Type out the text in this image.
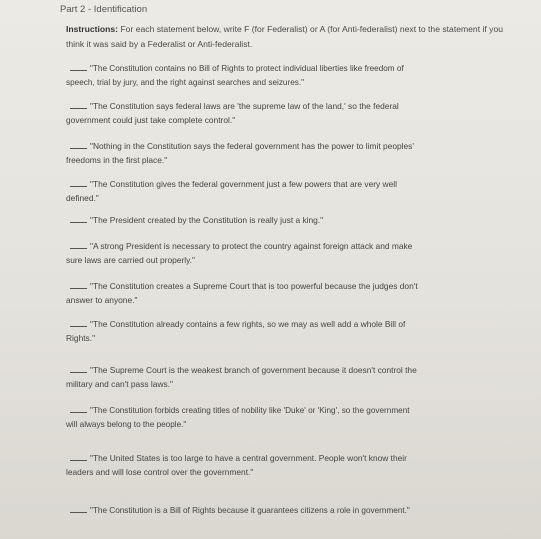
Part 2 - Identification
Instructions: For each statement below, write F (for Federalist) or A (for Anti-federalist) next to the statement if you think it was said by a Federalist or Anti-federalist.
"The Constitution contains no Bill of Rights to protect individual liberties like freedom of
speech, trial by jury, and the right against searches and seizures."
"The Constitution says federal laws are 'the supreme law of the land,' so the federal
government could just take complete control."
"Nothing in the Constitution says the federal government has the power to limit peoples'
freedoms in the first place."
"The Constitution gives the federal government just a few powers that are very well
defined."
"The President created by the Constitution is really just a king."
"A strong President is necessary to protect the country against foreign attack and make
sure laws are carried out properly."
"The Constitution creates a Supreme Court that is too powerful because the judges don't
answer to anyone."
"The Constitution already contains a few rights, so we may as well add a whole Bill of
Rights."
"The Supreme Court is the weakest branch of government because it doesn't control the
military and can't pass laws."
"The Constitution forbids creating titles of nobility like 'Duke' or 'King', so the government
will always belong to the people."
"The United States is too large to have a central government. People won't know their
leaders and will lose control over the government."
"The Constitution is a Bill of Rights because it guarantees citizens a role in government."
